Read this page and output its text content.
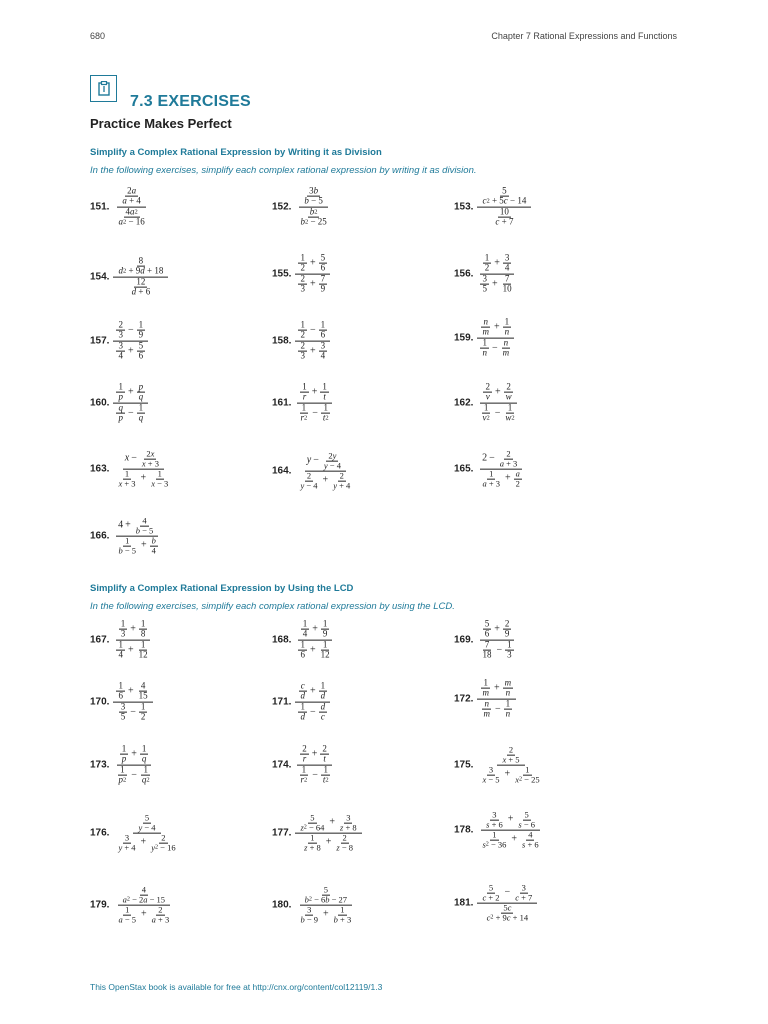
680	Chapter 7 Rational Expressions and Functions
7.3 EXERCISES
Practice Makes Perfect
Simplify a Complex Rational Expression by Writing it as Division
In the following exercises, simplify each complex rational expression by writing it as division.
Simplify a Complex Rational Expression by Using the LCD
In the following exercises, simplify each complex rational expression by using the LCD.
151. $\frac{\frac{2 a}{a + 4}}{\frac{4 a 2}{a 2 - 16}}$	152. $\frac{\frac{3 b}{b - 5}}{\frac{b 2}{b 2 - 25}}$	153. $\frac{\frac{5}{c 2 + 5 c - 14}}{\frac{10}{c + 7}}$
154. $\frac{\frac{8}{d 2 + 9 d + 18}}{\frac{12}{d + 6}}$	155. $\frac{\frac{1}{2} + \frac{5}{6}}{\frac{2}{3} + \frac{7}{9}}$	156. $\frac{\frac{1}{2} + \frac{3}{4}}{\frac{3}{5} + \frac{7}{10}}$
157. $\frac{\frac{2}{3} - \frac{1}{9}}{\frac{3}{4} + \frac{5}{6}}$	158. $\frac{\frac{1}{2} - \frac{1}{6}}{\frac{2}{3} + \frac{3}{4}}$	159. $\frac{\frac{n}{m} + \frac{1}{n}}{\frac{1}{n} - \frac{n}{m}}$
160. $\frac{\frac{1}{p} + \frac{p}{q}}{\frac{q}{p} - \frac{1}{q}}$	161. $\frac{\frac{1}{r} + \frac{1}{t}}{\frac{1}{r 2} - \frac{1}{t 2}}$	162. $\frac{\frac{2}{v} + \frac{2}{w}}{\frac{1}{v 2} - \frac{1}{w 2}}$
163. $\frac{x - \frac{2 x}{x + 3}}{\frac{1}{x + 3} + \frac{1}{x - 3}}$	164. $\frac{y - \frac{2 y}{y - 4}}{\frac{2}{y - 4} + \frac{2}{y + 4}}$	165. $\frac{2 - \frac{2}{a + 3}}{\frac{1}{a + 3} + \frac{a}{2}}$
166. $\frac{4 + \frac{4}{b - 5}}{\frac{1}{b - 5} + \frac{b}{4}}$
167. $\frac{\frac{1}{3} + \frac{1}{8}}{\frac{1}{4} + \frac{1}{12}}$	168. $\frac{\frac{1}{4} + \frac{1}{9}}{\frac{1}{6} + \frac{1}{12}}$	169. $\frac{\frac{5}{6} + \frac{2}{9}}{\frac{7}{18} - \frac{1}{3}}$
170. $\frac{\frac{1}{6} + \frac{4}{15}}{\frac{3}{5} - \frac{1}{2}}$	171. $\frac{\frac{c}{d} + \frac{1}{d}}{\frac{1}{d} - \frac{d}{c}}$	172. $\frac{\frac{1}{m} + \frac{m}{n}}{\frac{n}{m} - \frac{1}{n}}$
173. $\frac{\frac{1}{p} + \frac{1}{q}}{\frac{1}{p 2} - \frac{1}{q 2}}$	174. $\frac{\frac{2}{r} + \frac{2}{t}}{\frac{1}{r 2} - \frac{1}{t 2}}$	175. $\frac{\frac{2}{x + 5}}{\frac{3}{x - 5} + \frac{1}{x 2 - 25}}$
176. $\frac{\frac{5}{y - 4}}{\frac{3}{y + 4} + \frac{2}{y 2 - 16}}$	177. $\frac{\frac{5}{z 2 - 64} + \frac{3}{z + 8}}{\frac{1}{z + 8} + \frac{2}{z - 8}}$	178. $\frac{\frac{3}{s + 6} + \frac{5}{s - 6}}{\frac{1}{s 2 - 36} + \frac{4}{s + 6}}$
179. $\frac{\frac{4}{a 2 - 2 a - 15}}{\frac{1}{a - 5} + \frac{2}{a + 3}}$	180. $\frac{\frac{5}{b 2 - 6 b - 27}}{\frac{3}{b - 9} + \frac{1}{b + 3}}$	181. $\frac{\frac{5}{c + 2} - \frac{3}{c + 7}}{\frac{5 c}{c 2 + 9 c + 14}}$
This OpenStax book is available for free at http://cnx.org/content/col12119/1.3
